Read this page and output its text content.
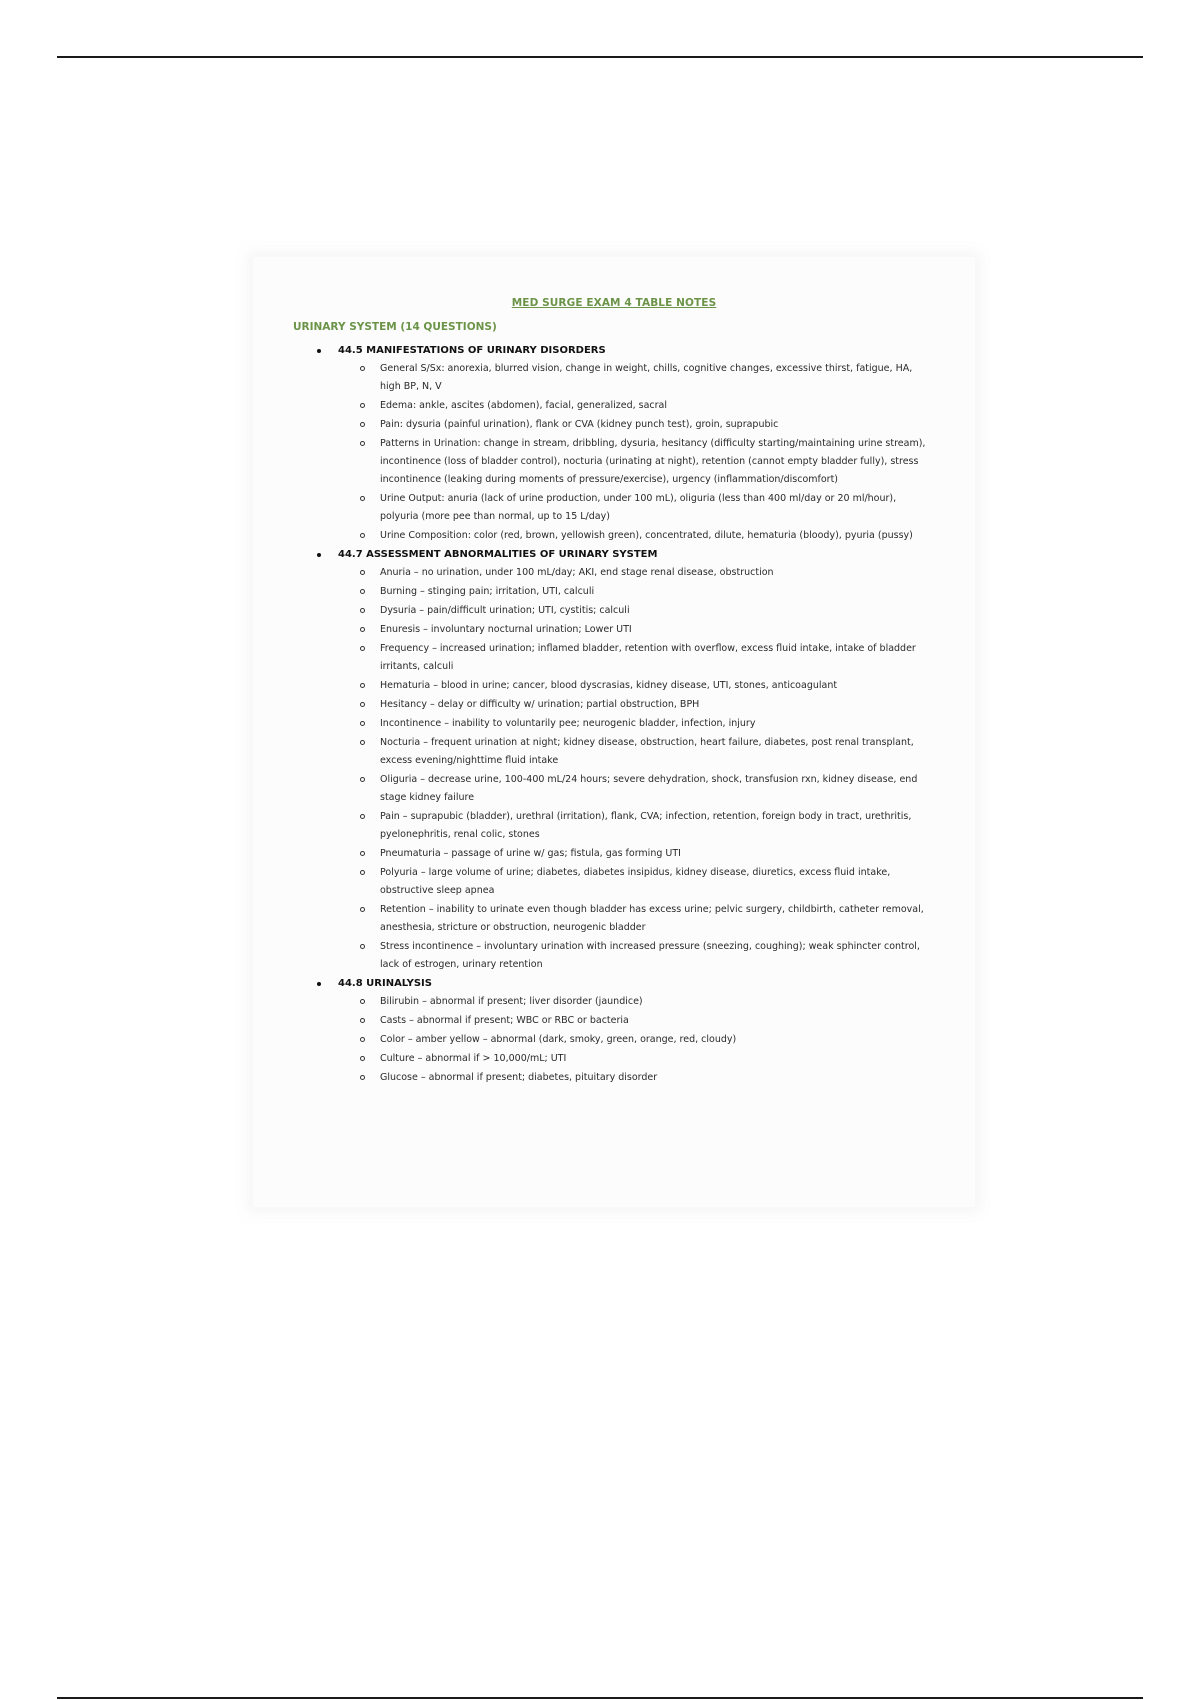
MED SURGE EXAM 4 TABLE NOTES
URINARY SYSTEM (14 QUESTIONS)
44.5 MANIFESTATIONS OF URINARY DISORDERS
General S/Sx: anorexia, blurred vision, change in weight, chills, cognitive changes, excessive thirst, fatigue, HA, high BP, N, V
Edema: ankle, ascites (abdomen), facial, generalized, sacral
Pain: dysuria (painful urination), flank or CVA (kidney punch test), groin, suprapubic
Patterns in Urination: change in stream, dribbling, dysuria, hesitancy (difficulty starting/maintaining urine stream), incontinence (loss of bladder control), nocturia (urinating at night), retention (cannot empty bladder fully), stress incontinence (leaking during moments of pressure/exercise), urgency (inflammation/discomfort)
Urine Output: anuria (lack of urine production, under 100 mL), oliguria (less than 400 ml/day or 20 ml/hour), polyuria (more pee than normal, up to 15 L/day)
Urine Composition: color (red, brown, yellowish green), concentrated, dilute, hematuria (bloody), pyuria (pussy)
44.7 ASSESSMENT ABNORMALITIES OF URINARY SYSTEM
Anuria – no urination, under 100 mL/day; AKI, end stage renal disease, obstruction
Burning – stinging pain; irritation, UTI, calculi
Dysuria – pain/difficult urination; UTI, cystitis; calculi
Enuresis – involuntary nocturnal urination; Lower UTI
Frequency – increased urination; inflamed bladder, retention with overflow, excess fluid intake, intake of bladder irritants, calculi
Hematuria – blood in urine; cancer, blood dyscrasias, kidney disease, UTI, stones, anticoagulant
Hesitancy – delay or difficulty w/ urination; partial obstruction, BPH
Incontinence – inability to voluntarily pee; neurogenic bladder, infection, injury
Nocturia – frequent urination at night; kidney disease, obstruction, heart failure, diabetes, post renal transplant, excess evening/nighttime fluid intake
Oliguria – decrease urine, 100-400 mL/24 hours; severe dehydration, shock, transfusion rxn, kidney disease, end stage kidney failure
Pain – suprapubic (bladder), urethral (irritation), flank, CVA; infection, retention, foreign body in tract, urethritis, pyelonephritis, renal colic, stones
Pneumaturia – passage of urine w/ gas; fistula, gas forming UTI
Polyuria – large volume of urine; diabetes, diabetes insipidus, kidney disease, diuretics, excess fluid intake, obstructive sleep apnea
Retention – inability to urinate even though bladder has excess urine; pelvic surgery, childbirth, catheter removal, anesthesia, stricture or obstruction, neurogenic bladder
Stress incontinence – involuntary urination with increased pressure (sneezing, coughing); weak sphincter control, lack of estrogen, urinary retention
44.8 URINALYSIS
Bilirubin – abnormal if present; liver disorder (jaundice)
Casts – abnormal if present; WBC or RBC or bacteria
Color – amber yellow – abnormal (dark, smoky, green, orange, red, cloudy)
Culture – abnormal if > 10,000/mL; UTI
Glucose – abnormal if present; diabetes, pituitary disorder
